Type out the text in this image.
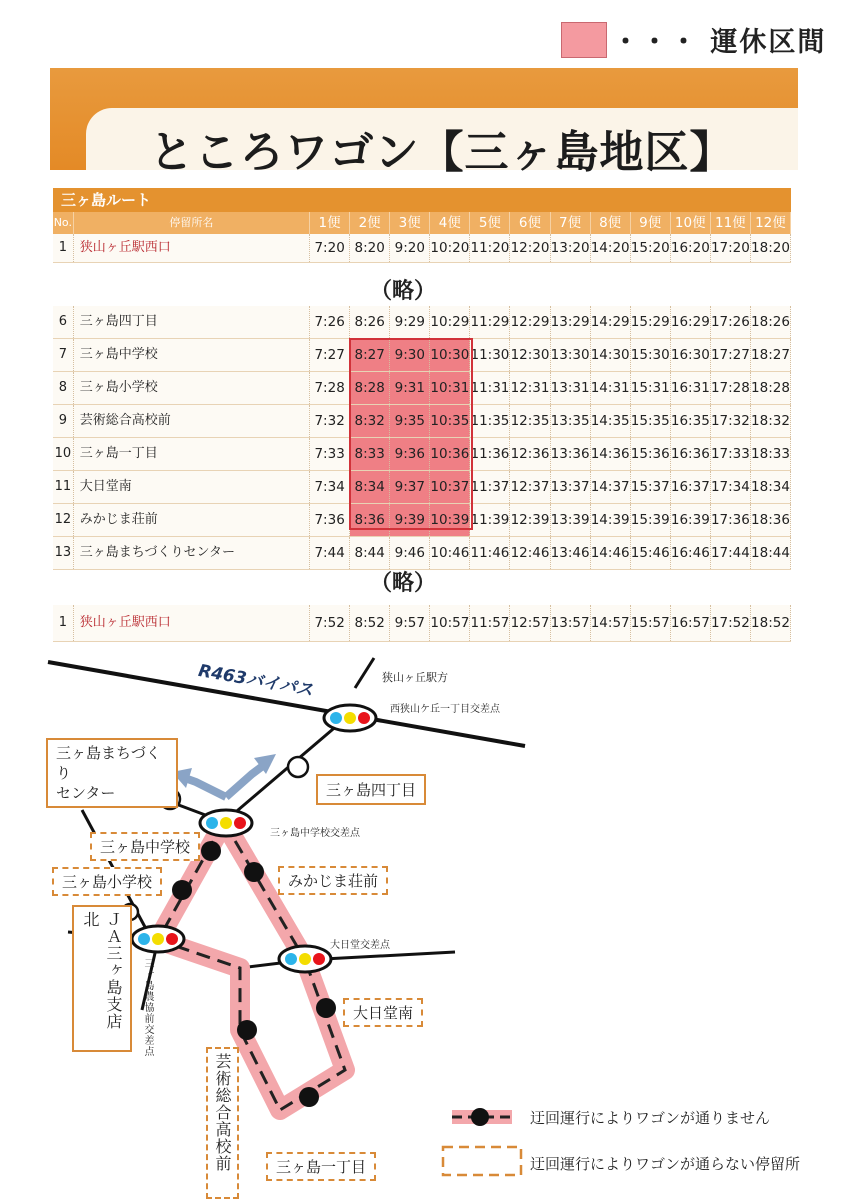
・・・ 運休区間
ところワゴン【三ヶ島地区】
三ヶ島ルート
No.	停留所名	1便	2便	3便	4便	5便	6便	7便	8便	9便	10便 11便 12便
1 狭山ヶ丘駅西口	7:20 8:20 9:20 10:20 11:20 12:20 13:20 14:20 15:20 16:20 17:20 18:20
（略）
6 三ヶ島四丁目	7:26 8:26 9:29 10:29 11:29 12:29 13:29 14:29 15:29 16:29 17:26 18:26
7 三ヶ島中学校	7:27 8:27 9:30 10:30 11:30 12:30 13:30 14:30 15:30 16:30 17:27 18:27
8 三ヶ島小学校	7:28 8:28 9:31 10:31 11:31 12:31 13:31 14:31 15:31 16:31 17:28 18:28
9 芸術総合高校前	7:32 8:32 9:35 10:35 11:35 12:35 13:35 14:35 15:35 16:35 17:32 18:32
10 三ヶ島一丁目	7:33 8:33 9:36 10:36 11:36 12:36 13:36 14:36 15:36 16:36 17:33 18:33
11 大日堂南	7:34 8:34 9:37 10:37 11:37 12:37 13:37 14:37 15:37 16:37 17:34 18:34
12 みかじま荘前	7:36 8:36 9:39 10:39 11:39 12:39 13:39 14:39 15:39 16:39 17:36 18:36
13 三ヶ島まちづくりセンター	7:44 8:44 9:46 10:46 11:46 12:46 13:46 14:46 15:46 16:46 17:44 18:44
（略）
1 狭山ヶ丘駅西口	7:52 8:52 9:57 10:57 11:57 12:57 13:57 14:57 15:57 16:57 17:52 18:52
R463バイパス	狭山ヶ丘駅方
西狭山ケ丘一丁目交差点
三ヶ島まちづくり
センター	三ヶ島四丁目
三ヶ島中学校交差点
三ヶ島中学校
みかじま荘前
三ヶ島小学校
ＪＡ三ヶ島支店北
三ヶ島農協前交差点
大日堂交差点
大日堂南
芸術総合高校前	三ヶ島一丁目
迂回運行によりワゴンが通りません
迂回運行によりワゴンが通らない停留所
